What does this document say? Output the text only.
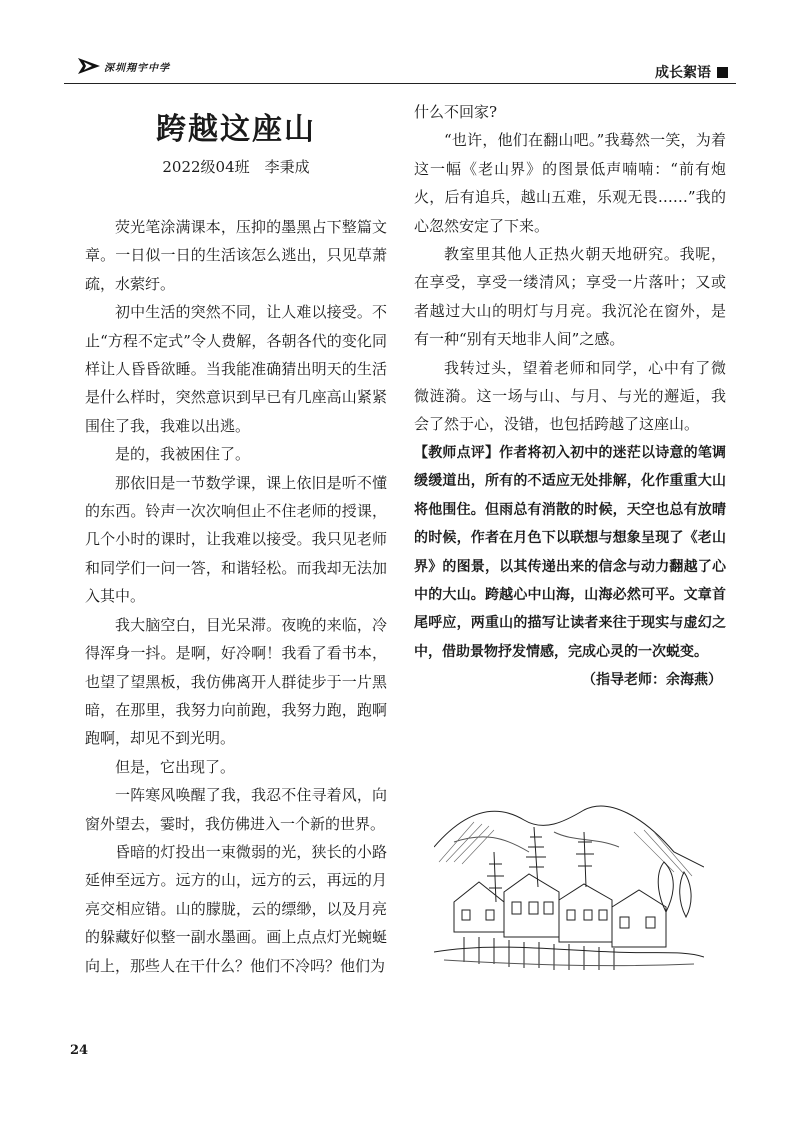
深圳翔宇中学	成长絮语
跨越这座山
2022级04班　李秉成

荧光笔涂满课本，压抑的墨黑占下整篇文章。一日似一日的生活该怎么逃出，只见草萧疏，水萦纡。

初中生活的突然不同，让人难以接受。不止“方程不定式”令人费解，各朝各代的变化同样让人昏昏欲睡。当我能准确猜出明天的生活是什么样时，突然意识到早已有几座高山紧紧围住了我，我难以出逃。

是的，我被困住了。

那依旧是一节数学课，课上依旧是听不懂的东西。铃声一次次响但止不住老师的授课，几个小时的课时，让我难以接受。我只见老师和同学们一问一答，和谐轻松。而我却无法加入其中。

我大脑空白，目光呆滞。夜晚的来临，冷得浑身一抖。是啊，好冷啊！我看了看书本，也望了望黑板，我仿佛离开人群徒步于一片黑暗，在那里，我努力向前跑，我努力跑，跑啊跑啊，却见不到光明。

但是，它出现了。

一阵寒风唤醒了我，我忍不住寻着风，向窗外望去，霎时，我仿佛进入一个新的世界。

昏暗的灯投出一束微弱的光，狭长的小路延伸至远方。远方的山，远方的云，再远的月亮交相应错。山的朦胧，云的缥缈，以及月亮的躲藏好似整一副水墨画。画上点点灯光蜿蜒向上，那些人在干什么？他们不冷吗？他们为

什么不回家?

“也许，他们在翻山吧。”我蓦然一笑，为着这一幅《老山界》的图景低声喃喃：“前有炮火，后有追兵，越山五难，乐观无畏……”我的心忽然安定了下来。

教室里其他人正热火朝天地研究。我呢，在享受，享受一缕清风；享受一片落叶；又或者越过大山的明灯与月亮。我沉沦在窗外，是有一种“别有天地非人间”之感。

我转过头，望着老师和同学，心中有了微微涟漪。这一场与山、与月、与光的邂逅，我会了然于心，没错，也包括跨越了这座山。

【教师点评】作者将初入初中的迷茫以诗意的笔调缓缓道出，所有的不适应无处排解，化作重重大山将他围住。但雨总有消散的时候，天空也总有放晴的时候，作者在月色下以联想与想象呈现了《老山界》的图景，以其传递出来的信念与动力翻越了心中的大山。跨越心中山海，山海必然可平。文章首尾呼应，两重山的描写让读者来往于现实与虚幻之中，借助景物抒发情感，完成心灵的一次蜕变。

（指导老师：余海燕）

24
